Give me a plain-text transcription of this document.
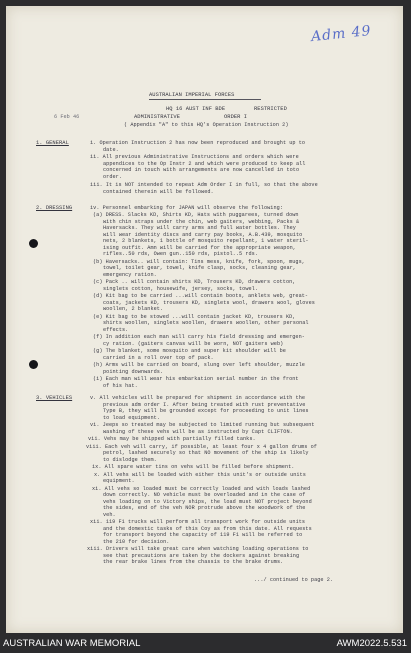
Adm 49
AUSTRALIAN IMPERIAL FORCES
HQ 16 AUST INF BDE	RESTRICTED
6 Feb 46	ADMINISTRATIVE	ORDER I
( Appendix "A" to this HQ's Operation Instruction 2)
1. GENERAL	i. Operation Instruction 2 has now been reproduced and brought up to
date.
ii. All previous Administrative Instructions and orders which were
appendices to the Op Instr 2 and which were produced to keep all
concerned in touch with arrangements are now cancelled in toto
order.
iii. It is NOT intended to repeat Adm Order I in full, so that the above
contained therein will be followed.
2. DRESSING	iv. Personnel embarking for JAPAN will observe the following:
(a) DRESS. Slacks KD, Shirts KD, Hats with puggarees, turned down
with chin straps under the chin, web gaiters, webbing, Packs &
Haversacks. They will carry arms and full water bottles. They
will wear identity discs and carry pay books, A.B.439, mosquito
nets, 2 blankets, 1 bottle of mosquito repellant, 1 water steril-
ising outfit. Amn will be carried for the appropriate weapon,
rifles..50 rds, Owen gun..150 rds, pistol..5 rds.
(b) Haversacks.. will contain: Tins mess, knife, fork, spoon, mugs,
towel, toilet gear, towel, knife clasp, socks, cleaning gear,
emergency ration.
(c) Pack .. will contain shirts KD, Trousers KD, drawers cotton,
singlets cotton, housewife, jersey, socks, towel.
(d) Kit bag to be carried ...will contain boots, anklets web, great-
coats, jackets KD, trousers KD, singlets wool, drawers wool, gloves
woollen, 2 blanket.
(e) Kit bag to be stowed ...will contain jacket KD, trousers KD,
shirts woollen, singlets woollen, drawers woollen, other personal
effects.
(f) In addition each man will carry his field dressing and emergen-
cy ration. (gaiters canvas will be worn, NOT gaiters web)
(g) The blanket, some mosquito and super kit shoulder will be
carried in a roll over top of pack.
(h) Arms will be carried on board, slung over left shoulder, muzzle
pointing downwards.
(i) Each man will wear his embarkation serial number in the front
of his hat.
3. VEHICLES	v. All vehicles will be prepared for shipment in accordance with the
previous adm order I. After being treated with rust preventative
Type B, they will be grounded except for proceeding to unit lines
to load equipment.
vi. Jeeps so treated may be subjected to limited running but subsequent
washing of these vehs will be as instructed by Capt CLIFTON.
vii. Vehs may be shipped with partially filled tanks.
viii. Each veh will carry, if possible, at least four x 4 gallon drums of
petrol, lashed securely so that NO movement of the ship is likely
to dislodge them.
ix. All spare water tins on vehs will be filled before shipment.
x. All vehs will be loaded with either this unit's or outside units
equipment.
xi. All vehs so loaded must be correctly loaded and with loads lashed
down correctly. NO vehicle must be overloaded and in the case of
vehs loading on to Victory ships, the load must NOT project beyond
the sides, end of the veh NOR protrude above the woodwork of the
veh.
xii. 119 F1 trucks will perform all transport work for outside units
and the domestic tasks of this Coy as from this date. All requests
for transport beyond the capacity of 119 F1 will be referred to
the 210 for decision.
xiii. Drivers will take great care when watching loading operations to
see that precautions are taken by the dockers against breaking
the rear brake lines from the chassis to the brake drums.
.../ continued to page 2.
AUSTRALIAN WAR MEMORIAL	AWM2022.5.531
